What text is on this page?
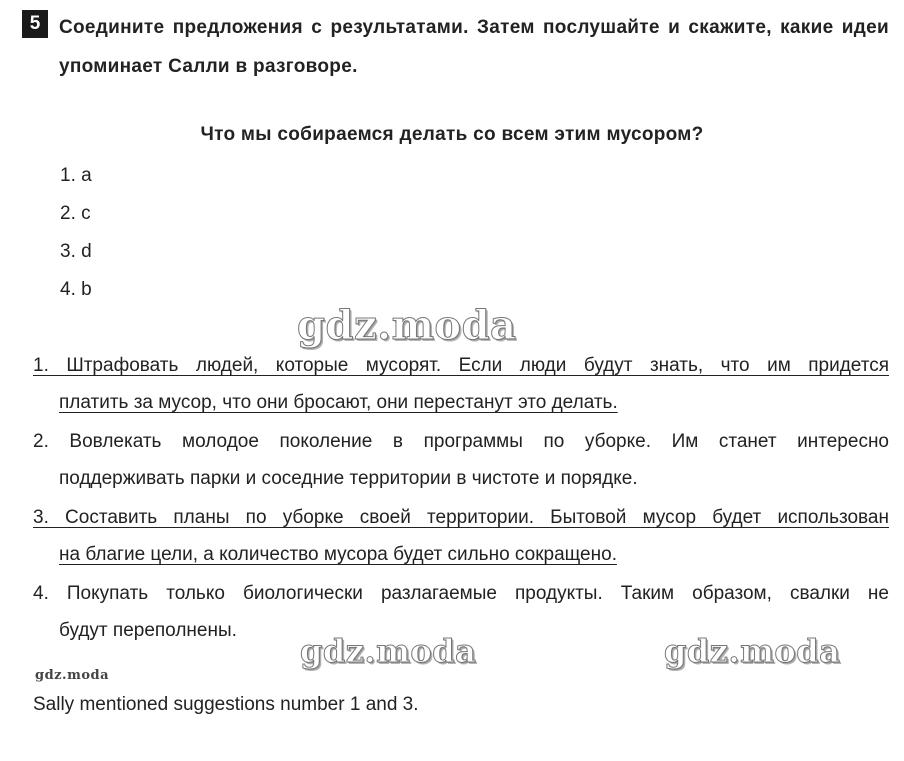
5 Соедините предложения с результатами. Затем послушайте и скажите, какие идеи упоминает Салли в разговоре.
Что мы собираемся делать со всем этим мусором?
1. a
2. c
3. d
4. b
gdz.moda
1. Штрафовать людей, которые мусорят. Если люди будут знать, что им придется
платить за мусор, что они бросают, они перестанут это делать.
2. Вовлекать молодое поколение в программы по уборке. Им станет интересно
поддерживать парки и соседние территории в чистоте и порядке.
3. Составить планы по уборке своей территории. Бытовой мусор будет использован
на благие цели, а количество мусора будет сильно сокращено.
4. Покупать только биологически разлагаемые продукты. Таким образом, свалки не
будут переполнены.
gdz.moda	gdz.moda
gdz.moda
Sally mentioned suggestions number 1 and 3.
